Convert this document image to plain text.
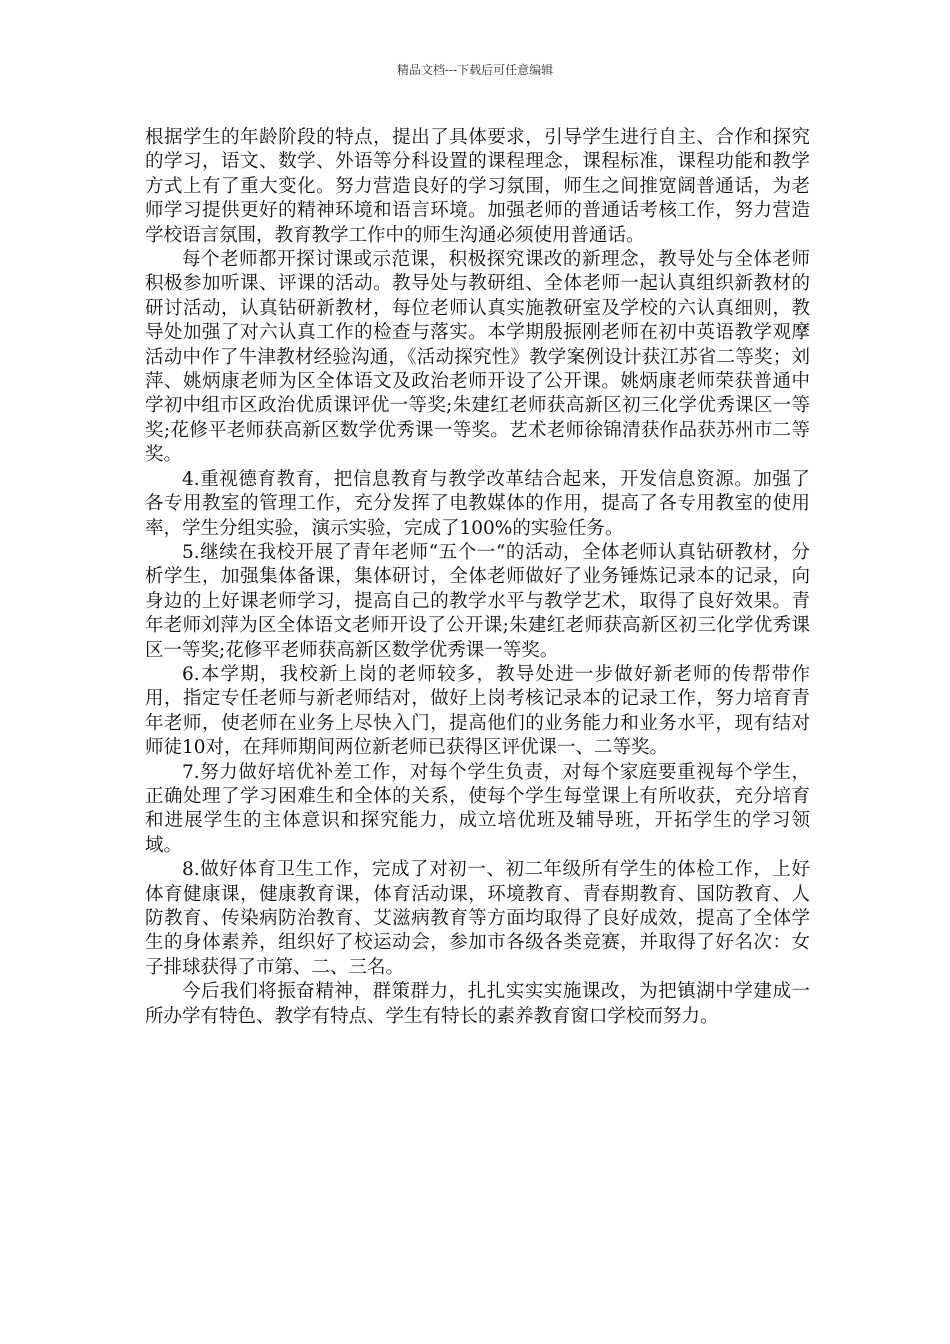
精品文档---下载后可任意编辑

根据学生的年龄阶段的特点，提出了具体要求，引导学生进行自主、合作和探究的学习，语文、数学、外语等分科设置的课程理念，课程标准，课程功能和教学方式上有了重大变化。努力营造良好的学习氛围，师生之间推宽阔普通话，为老师学习提供更好的精神环境和语言环境。加强老师的普通话考核工作，努力营造学校语言氛围，教育教学工作中的师生沟通必须使用普通话。

每个老师都开探讨课或示范课，积极探究课改的新理念，教导处与全体老师积极参加听课、评课的活动。教导处与教研组、全体老师一起认真组织新教材的研讨活动，认真钻研新教材，每位老师认真实施教研室及学校的六认真细则，教导处加强了对六认真工作的检查与落实。本学期殷振刚老师在初中英语教学观摩活动中作了牛津教材经验沟通，《活动探究性》教学案例设计获江苏省二等奖；刘萍、姚炳康老师为区全体语文及政治老师开设了公开课。姚炳康老师荣获普通中学初中组市区政治优质课评优一等奖;朱建红老师获高新区初三化学优秀课区一等奖;花修平老师获高新区数学优秀课一等奖。艺术老师徐锦清获作品获苏州市二等奖。

4.重视德育教育，把信息教育与教学改革结合起来，开发信息资源。加强了各专用教室的管理工作，充分发挥了电教媒体的作用，提高了各专用教室的使用率，学生分组实验，演示实验，完成了100%的实验任务。

5.继续在我校开展了青年老师“五个一“的活动，全体老师认真钻研教材，分析学生，加强集体备课，集体研讨，全体老师做好了业务锤炼记录本的记录，向身边的上好课老师学习，提高自己的教学水平与教学艺术，取得了良好效果。青年老师刘萍为区全体语文老师开设了公开课;朱建红老师获高新区初三化学优秀课区一等奖;花修平老师获高新区数学优秀课一等奖。

6.本学期，我校新上岗的老师较多，教导处进一步做好新老师的传帮带作用，指定专任老师与新老师结对，做好上岗考核记录本的记录工作，努力培育青年老师，使老师在业务上尽快入门，提高他们的业务能力和业务水平，现有结对师徒10对，在拜师期间两位新老师已获得区评优课一、二等奖。

7.努力做好培优补差工作，对每个学生负责，对每个家庭要重视每个学生，正确处理了学习困难生和全体的关系，使每个学生每堂课上有所收获，充分培育和进展学生的主体意识和探究能力，成立培优班及辅导班，开拓学生的学习领域。

8.做好体育卫生工作，完成了对初一、初二年级所有学生的体检工作，上好体育健康课，健康教育课，体育活动课，环境教育、青春期教育、国防教育、人防教育、传染病防治教育、艾滋病教育等方面均取得了良好成效，提高了全体学生的身体素养，组织好了校运动会，参加市各级各类竞赛，并取得了好名次：女子排球获得了市第、二、三名。

今后我们将振奋精神，群策群力，扎扎实实实施课改，为把镇湖中学建成一所办学有特色、教学有特点、学生有特长的素养教育窗口学校而努力。
